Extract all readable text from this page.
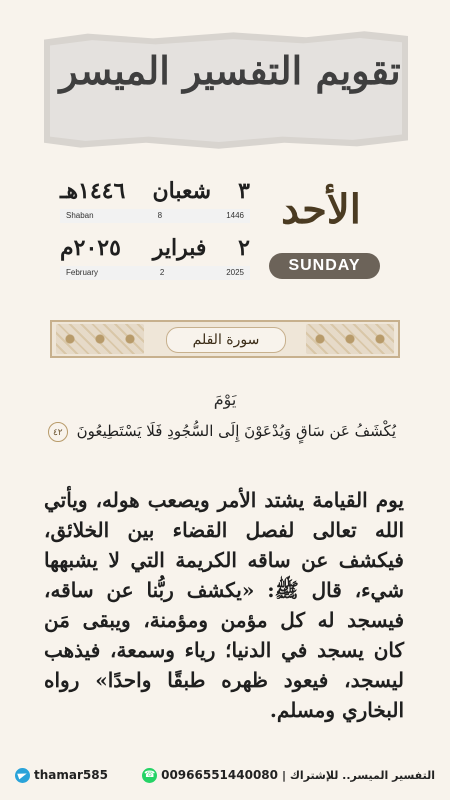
تقويم التفسير الميسر
الأحد
SUNDAY
٣
شعبان
١٤٤٦هـ
Shaban	8	1446
٢
فبراير
٢٠٢٥م
February	2	2025
سورة القلم
يَوْمَ
يُكْشَفُ عَن سَاقٍ وَيُدْعَوْنَ إِلَى السُّجُودِ فَلَا يَسْتَطِيعُونَ ٤٢
يوم القيامة يشتد الأمر ويصعب هوله، ويأتي الله تعالى لفصل القضاء بين الخلائق، فيكشف عن ساقه الكريمة التي لا يشبهها شيء، قال ﷺ: «يكشف ربُّنا عن ساقه، فيسجد له كل مؤمن ومؤمنة، ويبقى مَن كان يسجد في الدنيا؛ رياء وسمعة، فيذهب ليسجد، فيعود ظهره طبقًا واحدًا» رواه البخاري ومسلم.
thamar585
☎	00966551440080 التفسير الميسر.. للإشتراك |
